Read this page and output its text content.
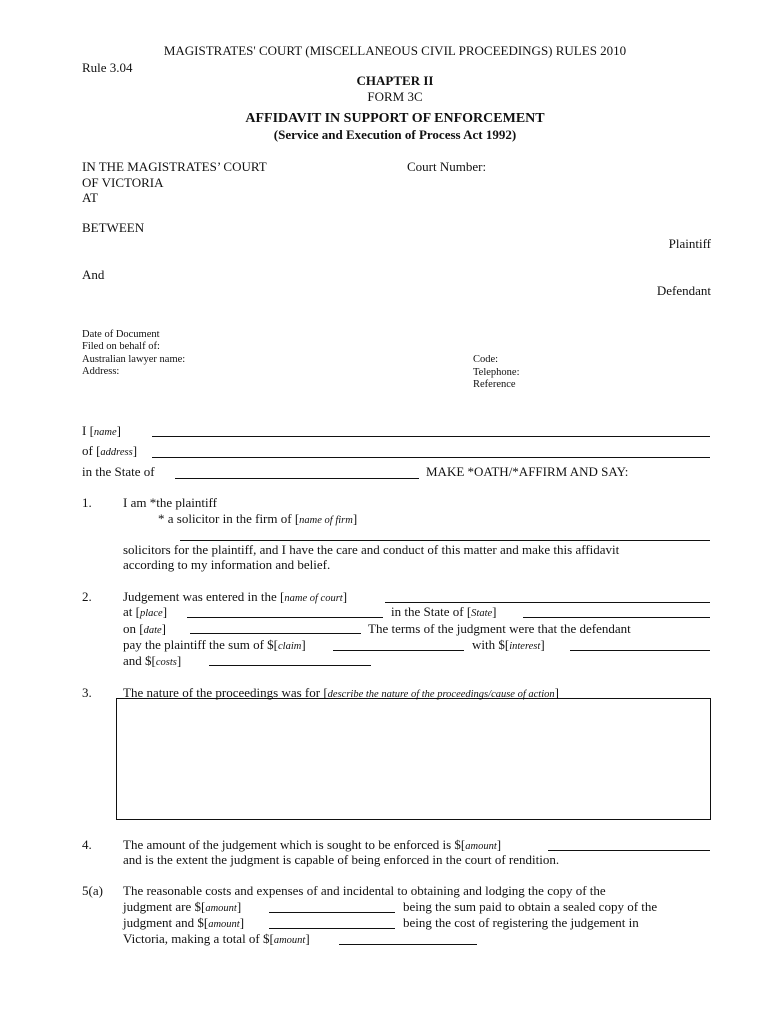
MAGISTRATES' COURT (MISCELLANEOUS CIVIL PROCEEDINGS) RULES 2010
Rule 3.04
CHAPTER II
FORM 3C
AFFIDAVIT IN SUPPORT OF ENFORCEMENT
(Service and Execution of Process Act 1992)
IN THE MAGISTRATES’ COURT
OF VICTORIA
AT
Court Number:
BETWEEN
Plaintiff
And
Defendant
Date of Document
Filed on behalf of:
Australian lawyer name:
Address:
Code:
Telephone:
Reference
I [name]
of [address]
in the State of	MAKE *OATH/*AFFIRM AND SAY:
1. I am *the plaintiff
* a solicitor in the firm of [name of firm]
solicitors for the plaintiff, and I have the care and conduct of this matter and make this affidavit
according to my information and belief.
2. Judgement was entered in the [name of court]
at [place]	in the State of [State]
on [date]	The terms of the judgment were that the defendant
pay the plaintiff the sum of $[claim]	with $[interest]
and $[costs]
3. The nature of the proceedings was for [describe the nature of the proceedings/cause of action]
4. The amount of the judgement which is sought to be enforced is $[amount]
and is the extent the judgment is capable of being enforced in the court of rendition.
5(a) The reasonable costs and expenses of and incidental to obtaining and lodging the copy of the
judgment are $[amount]	being the sum paid to obtain a sealed copy of the
judgment and $[amount]	being the cost of registering the judgement in
Victoria, making a total of $[amount]
